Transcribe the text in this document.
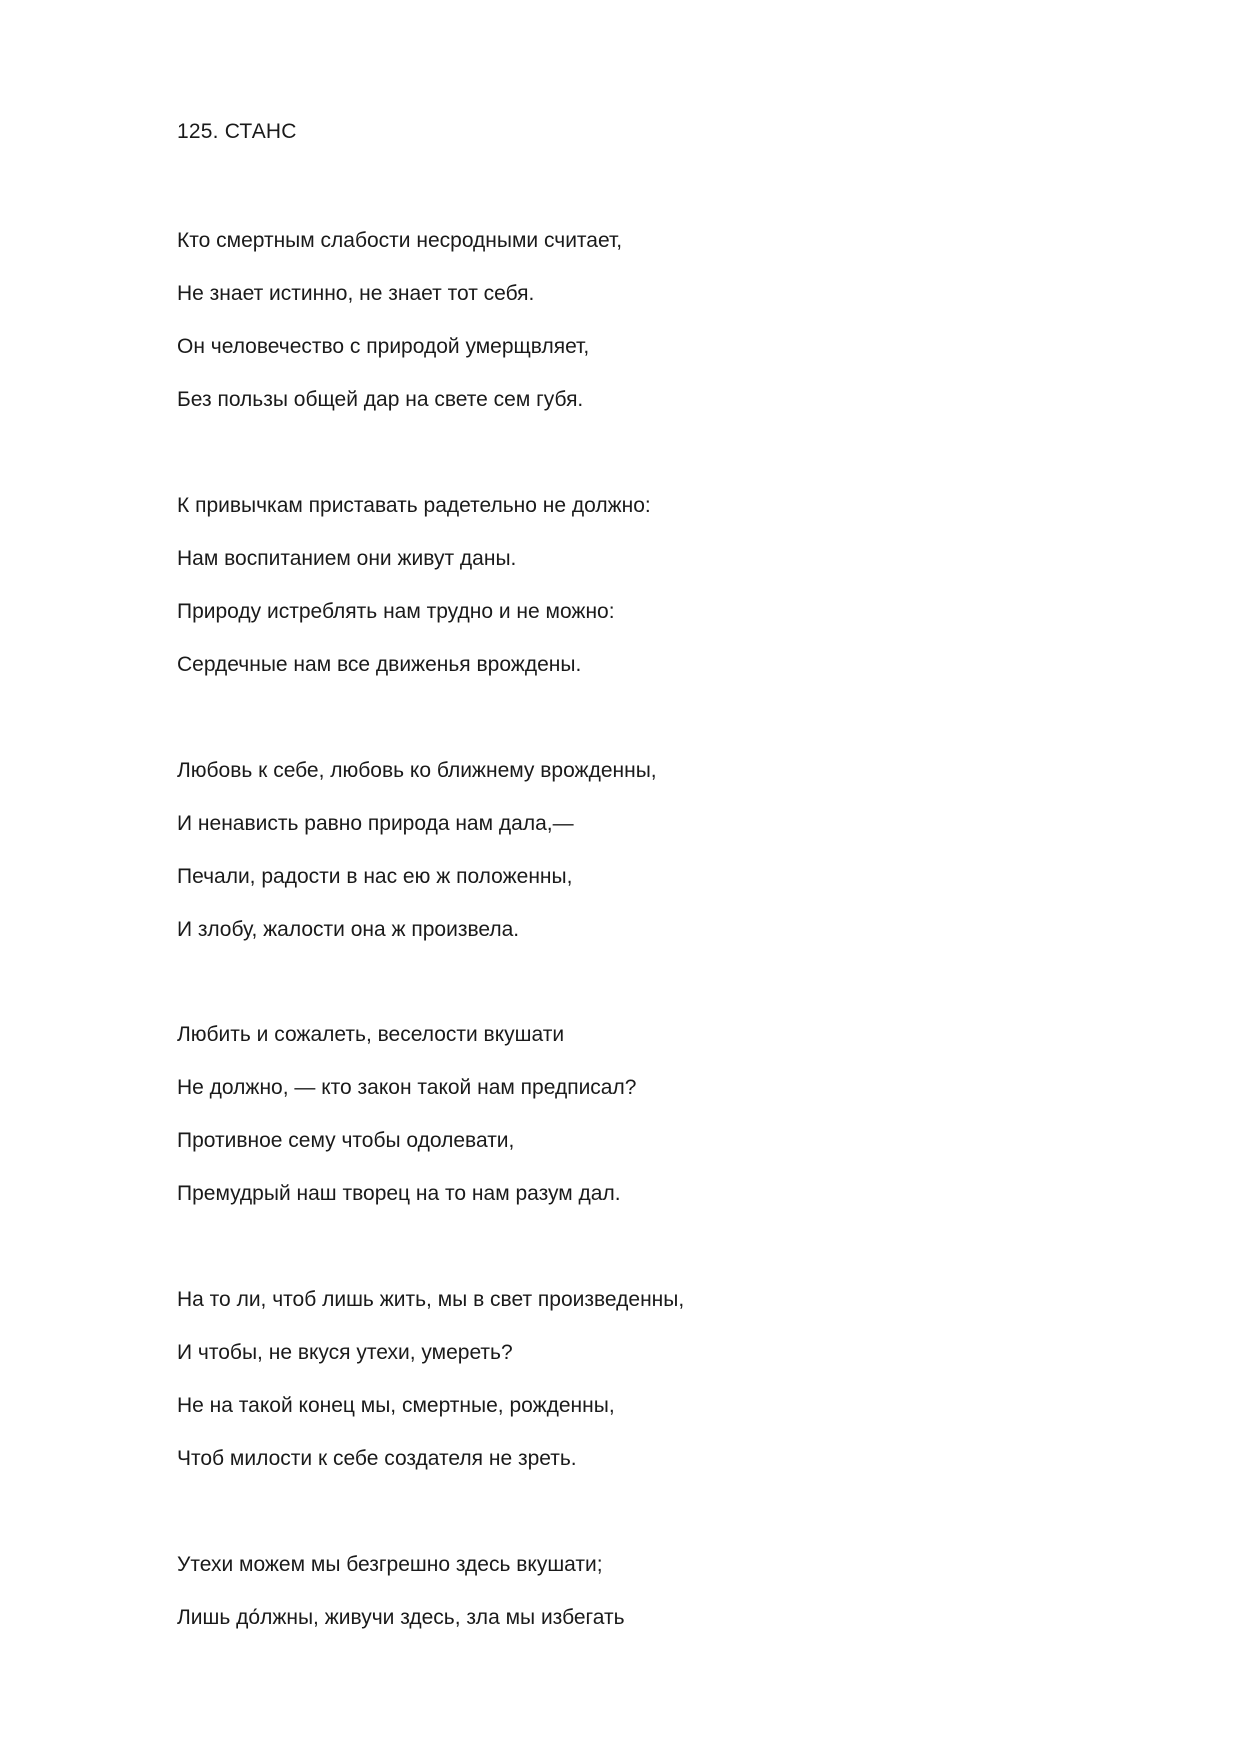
125. СТАНС
Кто смертным слабости несродными считает,
Не знает истинно, не знает тот себя.
Он человечество с природой умерщвляет,
Без пользы общей дар на свете сем губя.
К привычкам приставать радетельно не должно:
Нам воспитанием они живут даны.
Природу истреблять нам трудно и не можно:
Сердечные нам все движенья врождены.
Любовь к себе, любовь ко ближнему врожденны,
И ненависть равно природа нам дала,—
Печали, радости в нас ею ж положенны,
И злобу, жалости она ж произвела.
Любить и сожалеть, веселости вкушати
Не должно, — кто закон такой нам предписал?
Противное сему чтобы одолевати,
Премудрый наш творец на то нам разум дал.
На то ли, чтоб лишь жить, мы в свет произведенны,
И чтобы, не вкуся утехи, умереть?
Не на такой конец мы, смертные, рожденны,
Чтоб милости к себе создателя не зреть.
Утехи можем мы безгрешно здесь вкушати;
Лишь до́лжны, живучи здесь, зла мы избегать
